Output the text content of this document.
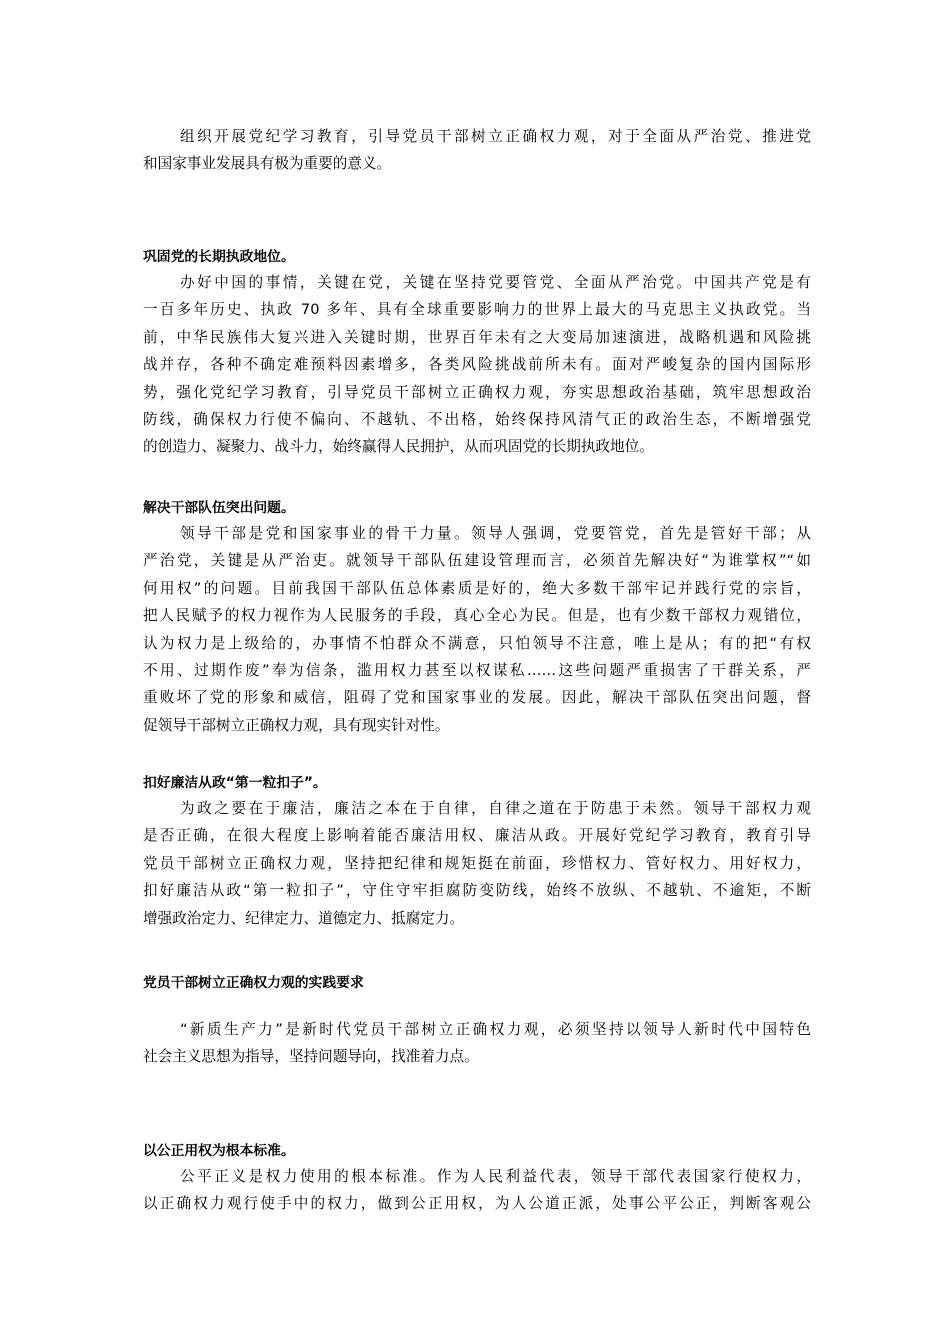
组织开展党纪学习教育，引导党员干部树立正确权力观，对于全面从严治党、推进党
和国家事业发展具有极为重要的意义。
巩固党的长期执政地位。
办好中国的事情，关键在党，关键在坚持党要管党、全面从严治党。中国共产党是有
一百多年历史、执政 70 多年、具有全球重要影响力的世界上最大的马克思主义执政党。当
前，中华民族伟大复兴进入关键时期，世界百年未有之大变局加速演进，战略机遇和风险挑
战并存，各种不确定难预料因素增多，各类风险挑战前所未有。面对严峻复杂的国内国际形
势，强化党纪学习教育，引导党员干部树立正确权力观，夯实思想政治基础，筑牢思想政治
防线，确保权力行使不偏向、不越轨、不出格，始终保持风清气正的政治生态，不断增强党
的创造力、凝聚力、战斗力，始终赢得人民拥护，从而巩固党的长期执政地位。
解决干部队伍突出问题。
领导干部是党和国家事业的骨干力量。领导人强调，党要管党，首先是管好干部；从
严治党，关键是从严治吏。就领导干部队伍建设管理而言，必须首先解决好“为谁掌权”“如
何用权”的问题。目前我国干部队伍总体素质是好的，绝大多数干部牢记并践行党的宗旨，
把人民赋予的权力视作为人民服务的手段，真心全心为民。但是，也有少数干部权力观错位，
认为权力是上级给的，办事情不怕群众不满意，只怕领导不注意，唯上是从；有的把“有权
不用、过期作废”奉为信条，滥用权力甚至以权谋私……这些问题严重损害了干群关系，严
重败坏了党的形象和威信，阻碍了党和国家事业的发展。因此，解决干部队伍突出问题，督
促领导干部树立正确权力观，具有现实针对性。
扣好廉洁从政“第一粒扣子”。
为政之要在于廉洁，廉洁之本在于自律，自律之道在于防患于未然。领导干部权力观
是否正确，在很大程度上影响着能否廉洁用权、廉洁从政。开展好党纪学习教育，教育引导
党员干部树立正确权力观，坚持把纪律和规矩挺在前面，珍惜权力、管好权力、用好权力，
扣好廉洁从政“第一粒扣子”，守住守牢拒腐防变防线，始终不放纵、不越轨、不逾矩，不断
增强政治定力、纪律定力、道德定力、抵腐定力。
党员干部树立正确权力观的实践要求
“新质生产力”是新时代党员干部树立正确权力观，必须坚持以领导人新时代中国特色
社会主义思想为指导，坚持问题导向，找准着力点。
以公正用权为根本标准。
公平正义是权力使用的根本标准。作为人民利益代表，领导干部代表国家行使权力，
以正确权力观行使手中的权力，做到公正用权，为人公道正派，处事公平公正，判断客观公
